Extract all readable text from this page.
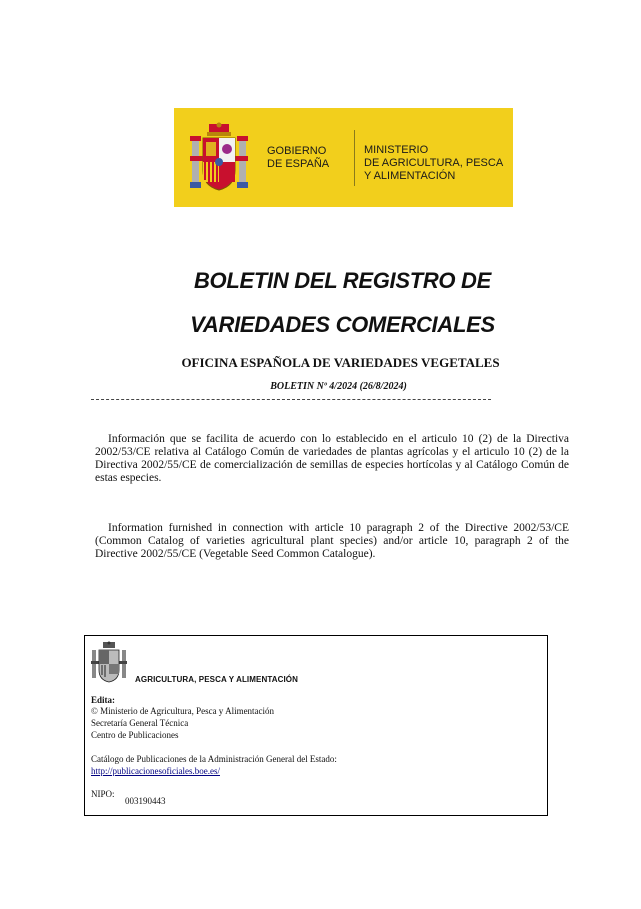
GOBIERNO
DE ESPAÑA
MINISTERIO
DE AGRICULTURA, PESCA
Y ALIMENTACIÓN
BOLETIN DEL REGISTRO DE
VARIEDADES COMERCIALES
OFICINA ESPAÑOLA DE VARIEDADES VEGETALES
BOLETIN Nº 4/2024 (26/8/2024)

Información que se facilita de acuerdo con lo establecido en el articulo 10 (2) de la Directiva 2002/53/CE relativa al Catálogo Común de variedades de plantas agrícolas y el articulo 10 (2) de la Directiva 2002/55/CE de comercialización de semillas de especies hortícolas y al Catálogo Común de estas especies.

Information furnished in connection with article 10 paragraph 2 of the Directive 2002/53/CE (Common Catalog of varieties agricultural plant species) and/or article 10, paragraph 2 of the Directive 2002/55/CE (Vegetable Seed Common Catalogue).

AGRICULTURA, PESCA Y ALIMENTACIÓN
Edita:
© Ministerio de Agricultura, Pesca y Alimentación
Secretaría General Técnica
Centro de Publicaciones
Catálogo de Publicaciones de la Administración General del Estado:
http://publicacionesoficiales.boe.es/
NIPO:
003190443
